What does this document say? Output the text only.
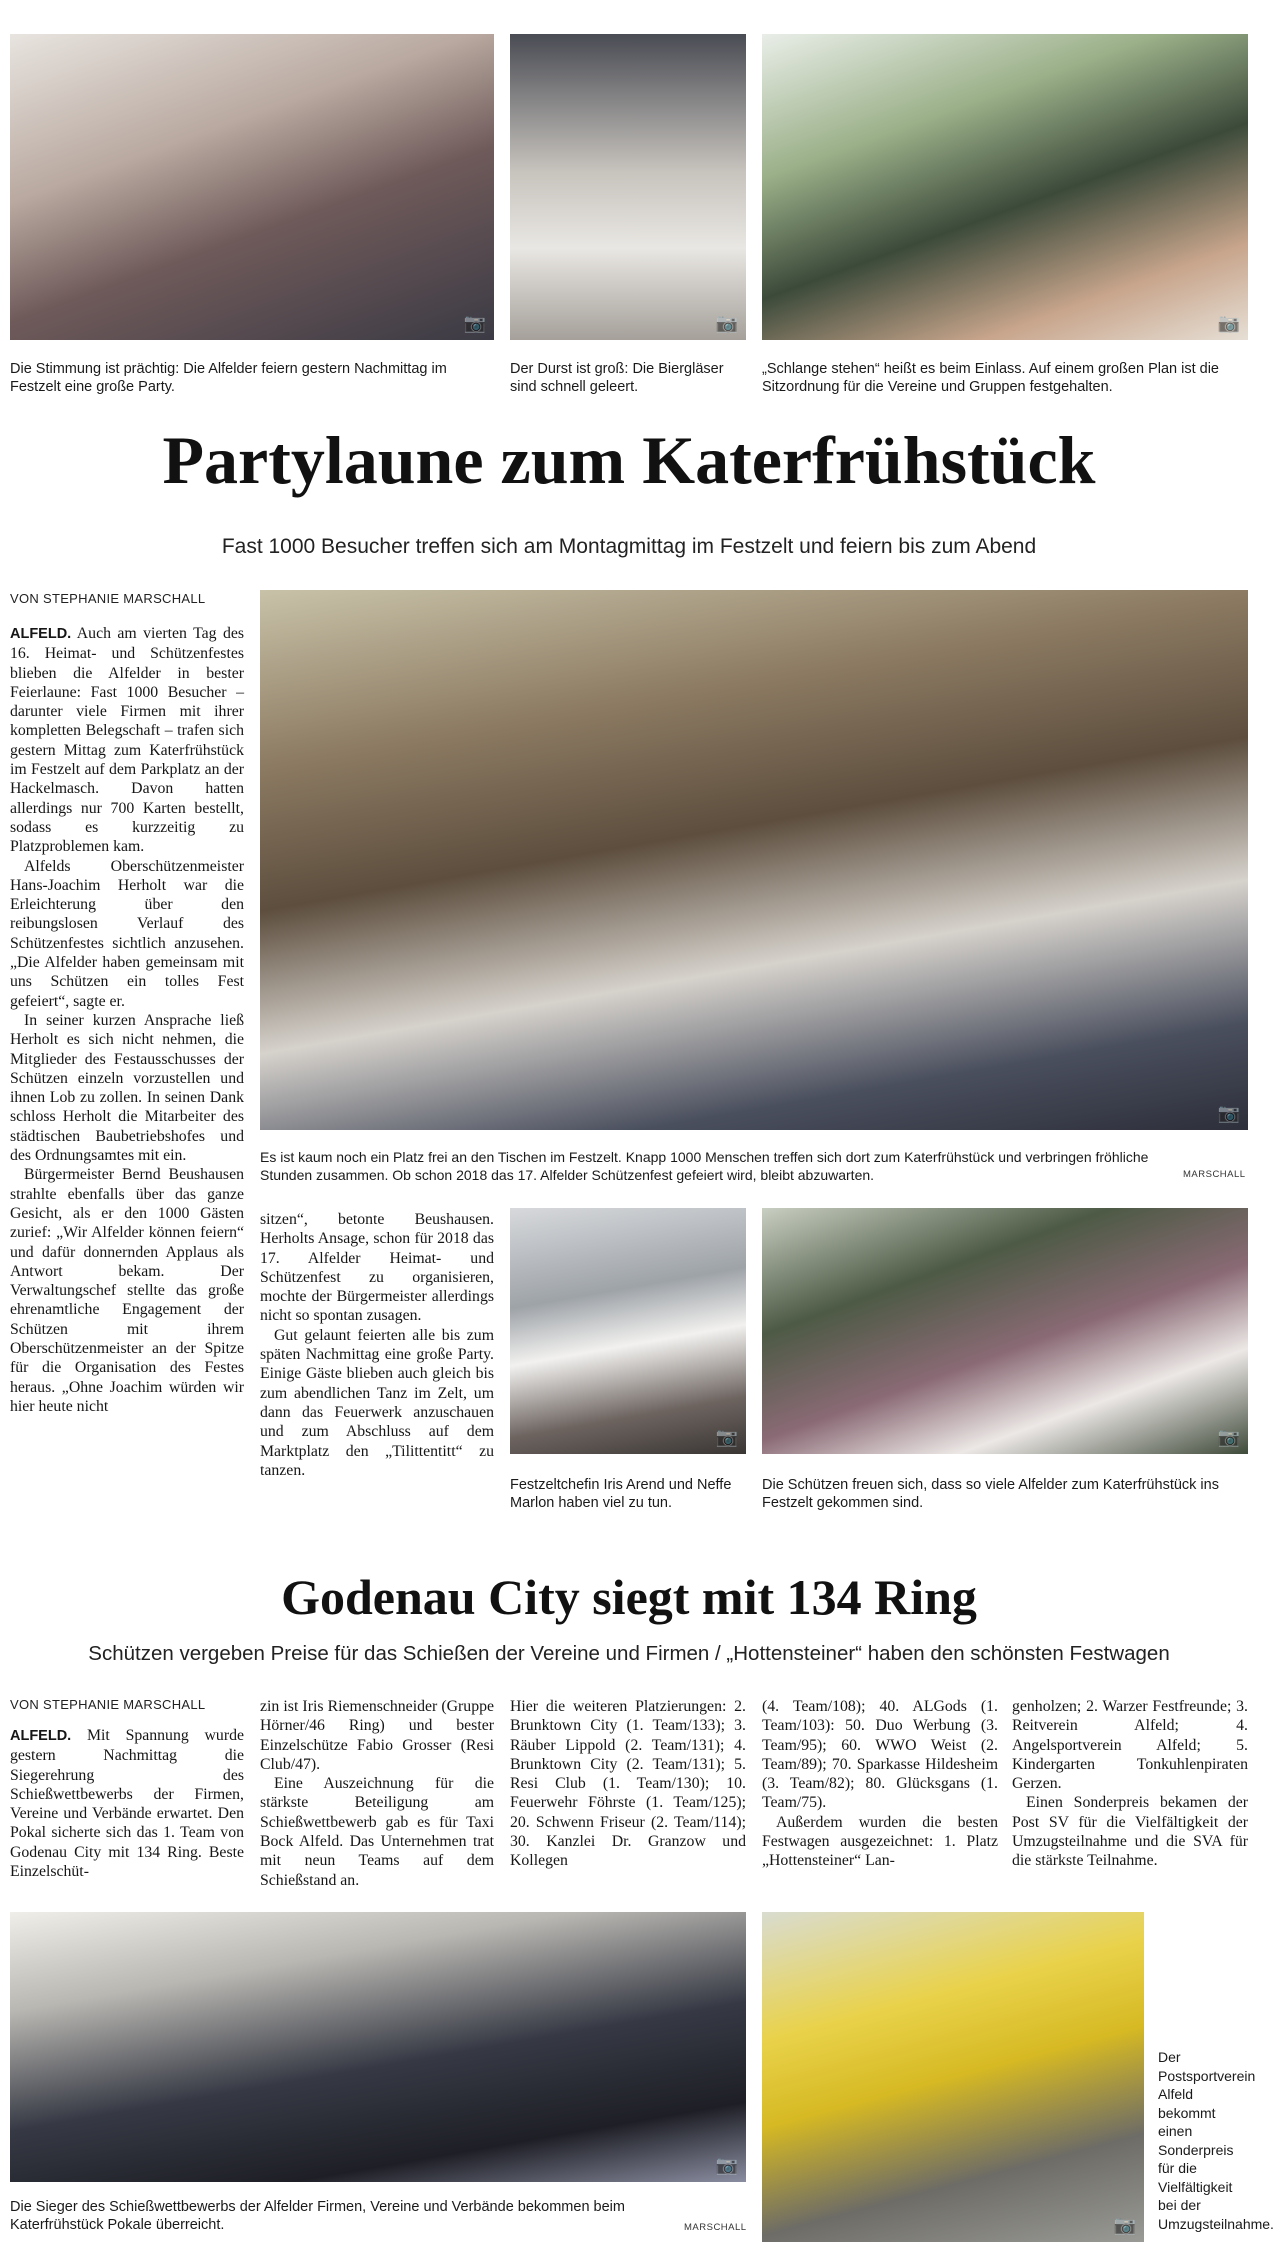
📷	📷	📷
Die Stimmung ist prächtig: Die Alfelder feiern gestern Nachmittag im Festzelt eine große Party.
Der Durst ist groß: Die Biergläser sind schnell geleert.
„Schlange stehen“ heißt es beim Einlass. Auf einem großen Plan ist die Sitzordnung für die Vereine und Gruppen festgehalten.
Partylaune zum Katerfrühstück
Fast 1000 Besucher treffen sich am Montagmittag im Festzelt und feiern bis zum Abend
VON STEPHANIE MARSCHALL

ALFELD. Auch am vierten Tag des 16. Heimat- und Schützenfestes blieben die Alfelder in bester Feierlaune: Fast 1000 Besucher – darunter viele Firmen mit ihrer kompletten Belegschaft – trafen sich gestern Mittag zum Katerfrühstück im Festzelt auf dem Parkplatz an der Hackelmasch. Davon hatten allerdings nur 700 Karten bestellt, sodass es kurzzeitig zu Platzproblemen kam.

Alfelds Oberschützenmeister Hans-Joachim Herholt war die Erleichterung über den reibungslosen Verlauf des Schützenfestes sichtlich anzusehen. „Die Alfelder haben gemeinsam mit uns Schützen ein tolles Fest gefeiert“, sagte er.

In seiner kurzen Ansprache ließ Herholt es sich nicht nehmen, die Mitglieder des Festausschusses der Schützen einzeln vorzustellen und ihnen Lob zu zollen. In seinen Dank schloss Herholt die Mitarbeiter des städtischen Baubetriebshofes und des Ordnungsamtes mit ein.

Bürgermeister Bernd Beushausen strahlte ebenfalls über das ganze Gesicht, als er den 1000 Gästen zurief: „Wir Alfelder können feiern“ und dafür donnernden Applaus als Antwort bekam. Der Verwaltungschef stellte das große ehrenamtliche Engagement der Schützen mit ihrem Oberschützenmeister an der Spitze für die Organisation des Festes heraus. „Ohne Joachim würden wir hier heute nicht

📷
Es ist kaum noch ein Platz frei an den Tischen im Festzelt. Knapp 1000 Menschen treffen sich dort zum Katerfrühstück und verbringen fröhliche Stunden zusammen. Ob schon 2018 das 17. Alfelder Schützenfest gefeiert wird, bleibt abzuwarten.	MARSCHALL

sitzen“, betonte Beushausen. Herholts Ansage, schon für 2018 das 17. Alfelder Heimat- und Schützenfest zu organisieren, mochte der Bürgermeister allerdings nicht so spontan zusagen.

Gut gelaunt feierten alle bis zum späten Nachmittag eine große Party. Einige Gäste blieben auch gleich bis zum abendlichen Tanz im Zelt, um dann das Feuerwerk anzuschauen und zum Abschluss auf dem Marktplatz den „Tilittentitt“ zu tanzen.

📷
Festzeltchefin Iris Arend und Neffe Marlon haben viel zu tun.
📷
Die Schützen freuen sich, dass so viele Alfelder zum Katerfrühstück ins Festzelt gekommen sind.
Godenau City siegt mit 134 Ring
Schützen vergeben Preise für das Schießen der Vereine und Firmen / „Hottensteiner“ haben den schönsten Festwagen
VON STEPHANIE MARSCHALL

ALFELD. Mit Spannung wurde gestern Nachmittag die Siegerehrung des Schießwettbewerbs der Firmen, Vereine und Verbände erwartet. Den Pokal sicherte sich das 1. Team von Godenau City mit 134 Ring. Beste Einzelschüt-

zin ist Iris Riemenschneider (Gruppe Hörner/46 Ring) und bester Einzelschütze Fabio Grosser (Resi Club/47).

Eine Auszeichnung für die stärkste Beteiligung am Schießwettbewerb gab es für Taxi Bock Alfeld. Das Unternehmen trat mit neun Teams auf dem Schießstand an.

Hier die weiteren Platzierungen: 2. Brunktown City (1. Team/133); 3. Räuber Lippold (2. Team/131); 4. Brunktown City (2. Team/131); 5. Resi Club (1. Team/130); 10. Feuerwehr Föhrste (1. Team/125); 20. Schwenn Friseur (2. Team/114); 30. Kanzlei Dr. Granzow und Kollegen

(4. Team/108); 40. ALGods (1. Team/103): 50. Duo Werbung (3. Team/95); 60. WWO Weist (2. Team/89); 70. Sparkasse Hildesheim (3. Team/82); 80. Glücksgans (1. Team/75).

Außerdem wurden die besten Festwagen ausgezeichnet: 1. Platz „Hottensteiner“ Lan-

genholzen; 2. Warzer Festfreunde; 3. Reitverein Alfeld; 4. Angelsportverein Alfeld; 5. Kindergarten Tonkuhlenpiraten Gerzen.

Einen Sonderpreis bekamen der Post SV für die Vielfältigkeit der Umzugsteilnahme und die SVA für die stärkste Teilnahme.

📷
Die Sieger des Schießwettbewerbs der Alfelder Firmen, Vereine und Verbände bekommen beim Katerfrühstück Pokale überreicht.	MARSCHALL	📷
Der Postsportverein Alfeld bekommt einen Sonderpreis für die Vielfältigkeit bei der Umzugsteilnahme.
